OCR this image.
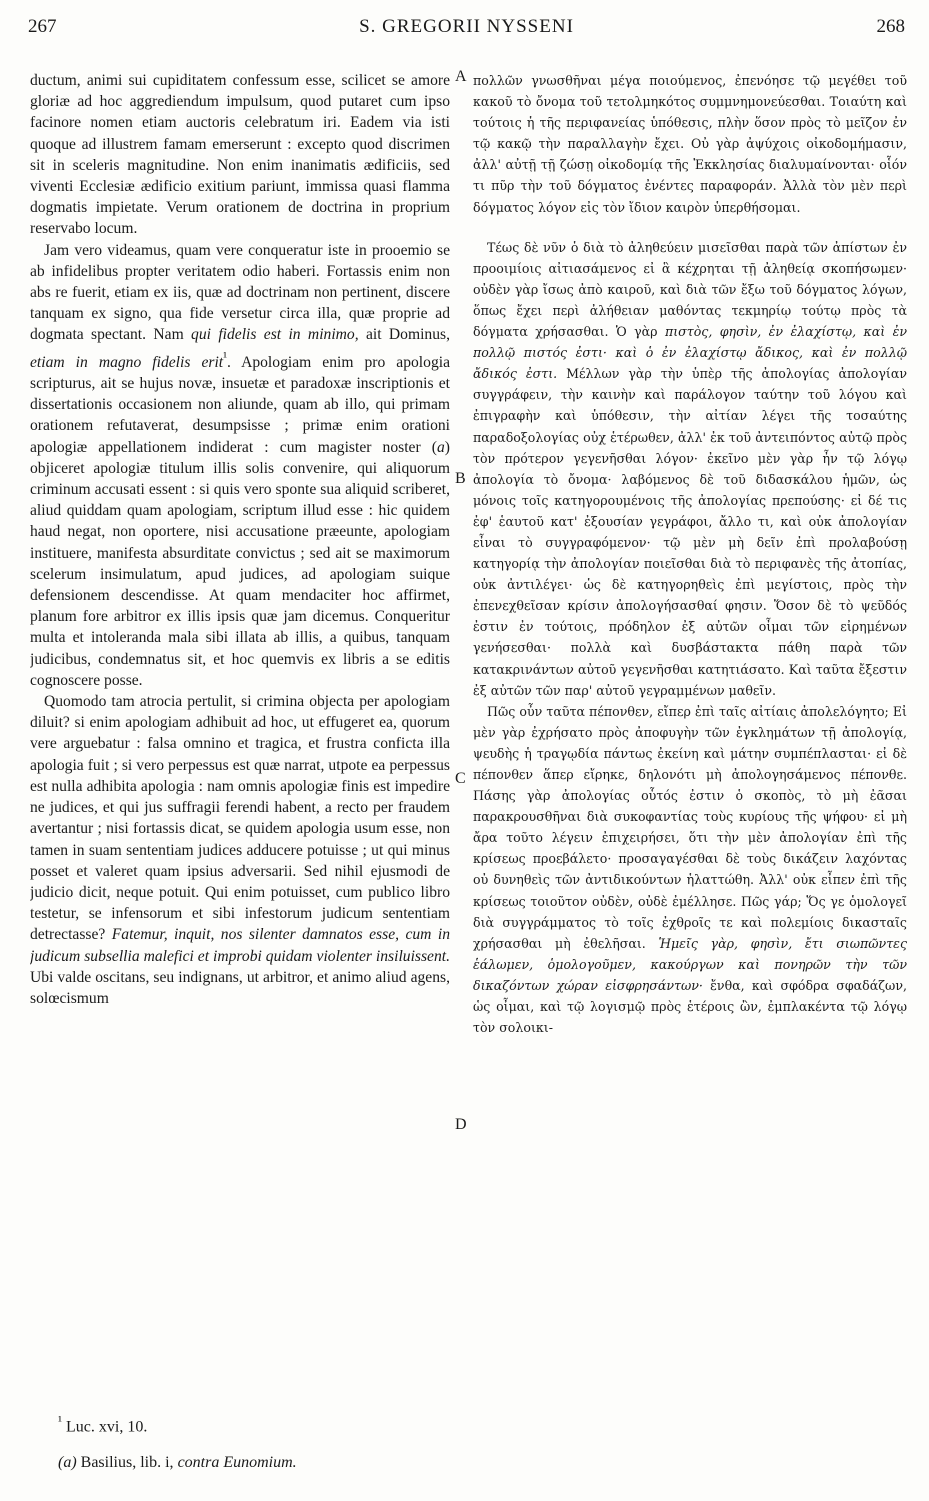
267	S. GREGORII NYSSENI	268

ductum, animi sui cupiditatem confessum esse, scilicet se amore gloriæ ad hoc aggrediendum impulsum, quod putaret cum ipso facinore nomen etiam auctoris celebratum iri. Eadem via isti quoque ad illustrem famam emerserunt : excepto quod discrimen sit in sceleris magnitudine. Non enim inanimatis ædificiis, sed viventi Ecclesiæ ædificio exitium pariunt, immissa quasi flamma dogmatis impietate. Verum orationem de doctrina in proprium reservabo locum.

Jam vero videamus, quam vere conqueratur iste in prooemio se ab infidelibus propter veritatem odio haberi. Fortassis enim non abs re fuerit, etiam ex iis, quæ ad doctrinam non pertinent, discere tanquam ex signo, qua fide versetur circa illa, quæ proprie ad dogmata spectant. Nam qui fidelis est in minimo, ait Dominus, etiam in magno fidelis erit$^{^1}$. Apologiam enim pro apologia scripturus, ait se hujus novæ, insuetæ et paradoxæ inscriptionis et dissertationis occasionem non aliunde, quam ab illo, qui primam orationem refutaverat, desumpsisse ; primæ enim orationi apologiæ appellationem indiderat : cum magister noster (a) objiceret apologiæ titulum illis solis convenire, qui aliquorum criminum accusati essent : si quis vero sponte sua aliquid scriberet, aliud quiddam quam apologiam, scriptum illud esse : hic quidem haud negat, non oportere, nisi accusatione præeunte, apologiam instituere, manifesta absurditate convictus ; sed ait se maximorum scelerum insimulatum, apud judices, ad apologiam suique defensionem descendisse. At quam mendaciter hoc affirmet, planum fore arbitror ex illis ipsis quæ jam dicemus. Conqueritur multa et intoleranda mala sibi illata ab illis, a quibus, tanquam judicibus, condemnatus sit, et hoc quemvis ex libris a se editis cognoscere posse.

Quomodo tam atrocia pertulit, si crimina objecta per apologiam diluit? si enim apologiam adhibuit ad hoc, ut effugeret ea, quorum vere arguebatur : falsa omnino et tragica, et frustra conficta illa apologia fuit ; si vero perpessus est quæ narrat, utpote ea perpessus est nulla adhibita apologia : nam omnis apologiæ finis est impedire ne judices, et qui jus suffragii ferendi habent, a recto per fraudem avertantur ; nisi fortassis dicat, se quidem apologia usum esse, non tamen in suam sententiam judices adducere potuisse ; ut qui minus posset et valeret quam ipsius adversarii. Sed nihil ejusmodi de judicio dicit, neque potuit. Qui enim potuisset, cum publico libro testetur, se infensorum et sibi infestorum judicum sententiam detrectasse? Fatemur, inquit, nos silenter damnatos esse, cum in judicum subsellia malefici et improbi quidam violenter insiluissent. Ubi valde oscitans, seu indignans, ut arbitror, et animo aliud agens, solœcismum

A
B
C
D

πολλῶν γνωσθῆναι μέγα ποιούμενος, ἐπενόησε τῷ μεγέθει τοῦ κακοῦ τὸ ὄνομα τοῦ τετολμηκότος συμμνημονεύεσθαι. Τοιαύτη καὶ τούτοις ἡ τῆς περιφανείας ὑπόθεσις, πλὴν ὅσον πρὸς τὸ μεῖζον ἐν τῷ κακῷ τὴν παραλλαγὴν ἔχει. Οὐ γὰρ ἀψύχοις οἰκοδομήμασιν, ἀλλ' αὐτῇ τῇ ζώσῃ οἰκοδομίᾳ τῆς Ἐκκλησίας διαλυμαίνονται· οἷόν τι πῦρ τὴν τοῦ δόγματος ἐνέντες παραφοράν. Ἀλλὰ τὸν μὲν περὶ δόγματος λόγον εἰς τὸν ἴδιον καιρὸν ὑπερθήσομαι.

Τέως δὲ νῦν ὁ διὰ τὸ ἀληθεύειν μισεῖσθαι παρὰ τῶν ἀπίστων ἐν προοιμίοις αἰτιασάμενος εἰ ἃ κέχρηται τῇ ἀληθείᾳ σκοπήσωμεν· οὐδὲν γὰρ ἴσως ἀπὸ καιροῦ, καὶ διὰ τῶν ἔξω τοῦ δόγματος λόγων, ὅπως ἔχει περὶ ἀλήθειαν μαθόντας τεκμηρίῳ τούτῳ πρὸς τὰ δόγματα χρήσασθαι. Ὁ γὰρ πιστὸς, φησὶν, ἐν ἐλαχίστῳ, καὶ ἐν πολλῷ πιστός ἐστι· καὶ ὁ ἐν ἐλαχίστῳ ἄδικος, καὶ ἐν πολλῷ ἄδικός ἐστι. Μέλλων γὰρ τὴν ὑπὲρ τῆς ἀπολογίας ἀπολογίαν συγγράφειν, τὴν καινὴν καὶ παράλογον ταύτην τοῦ λόγου καὶ ἐπιγραφὴν καὶ ὑπόθεσιν, τὴν αἰτίαν λέγει τῆς τοσαύτης παραδοξολογίας οὐχ ἑτέρωθεν, ἀλλ' ἐκ τοῦ ἀντειπόντος αὐτῷ πρὸς τὸν πρότερον γεγενῆσθαι λόγον· ἐκεῖνο μὲν γὰρ ἦν τῷ λόγῳ ἀπολογία τὸ ὄνομα· λαβόμενος δὲ τοῦ διδασκάλου ἡμῶν, ὡς μόνοις τοῖς κατηγορουμένοις τῆς ἀπολογίας πρεπούσης· εἰ δέ τις ἐφ' ἑαυτοῦ κατ' ἐξουσίαν γεγράφοι, ἄλλο τι, καὶ οὐκ ἀπολογίαν εἶναι τὸ συγγραφόμενον· τῷ μὲν μὴ δεῖν ἐπὶ προλαβούσῃ κατηγορίᾳ τὴν ἀπολογίαν ποιεῖσθαι διὰ τὸ περιφανὲς τῆς ἀτοπίας, οὐκ ἀντιλέγει· ὡς δὲ κατηγορηθεὶς ἐπὶ μεγίστοις, πρὸς τὴν ἐπενεχθεῖσαν κρίσιν ἀπολογήσασθαί φησιν. Ὅσον δὲ τὸ ψεῦδός ἐστιν ἐν τούτοις, πρόδηλον ἐξ αὐτῶν οἶμαι τῶν εἰρημένων γενήσεσθαι· πολλὰ καὶ δυσβάστακτα πάθη παρὰ τῶν κατακρινάντων αὐτοῦ γεγενῆσθαι κατητιάσατο. Καὶ ταῦτα ἔξεστιν ἐξ αὐτῶν τῶν παρ' αὐτοῦ γεγραμμένων μαθεῖν.

Πῶς οὖν ταῦτα πέπονθεν, εἴπερ ἐπὶ ταῖς αἰτίαις ἀπολελόγητο; Εἰ μὲν γὰρ ἐχρήσατο πρὸς ἀποφυγὴν τῶν ἐγκλημάτων τῇ ἀπολογίᾳ, ψευδὴς ἡ τραγῳδία πάντως ἐκείνη καὶ μάτην συμπέπλασται· εἰ δὲ πέπονθεν ἅπερ εἴρηκε, δηλονότι μὴ ἀπολογησάμενος πέπονθε. Πάσης γὰρ ἀπολογίας οὗτός ἐστιν ὁ σκοπὸς, τὸ μὴ ἐᾶσαι παρακρουσθῆναι διὰ συκοφαντίας τοὺς κυρίους τῆς ψήφου· εἰ μὴ ἄρα τοῦτο λέγειν ἐπιχειρήσει, ὅτι τὴν μὲν ἀπολογίαν ἐπὶ τῆς κρίσεως προεβάλετο· προσαγαγέσθαι δὲ τοὺς δικάζειν λαχόντας οὐ δυνηθεὶς τῶν ἀντιδικούντων ἡλαττώθη. Ἀλλ' οὐκ εἶπεν ἐπὶ τῆς κρίσεως τοιοῦτον οὐδὲν, οὐδὲ ἐμέλλησε. Πῶς γάρ; Ὅς γε ὁμολογεῖ διὰ συγγράμματος τὸ τοῖς ἐχθροῖς τε καὶ πολεμίοις δικασταῖς χρήσασθαι μὴ ἐθελῆσαι. Ἡμεῖς γὰρ, φησὶν, ἔτι σιωπῶντες ἑάλωμεν, ὁμολογοῦμεν, κακούργων καὶ πονηρῶν τὴν τῶν δικαζόντων χώραν εἰσφρησάντων· ἔνθα, καὶ σφόδρα σφαδάζων, ὡς οἶμαι, καὶ τῷ λογισμῷ πρὸς ἑτέροις ὢν, ἐμπλακέντα τῷ λόγῳ τὸν σολοικι-

$^{^1}$ Luc. xvi, 10.
(a) Basilius, lib. i, contra Eunomium.
